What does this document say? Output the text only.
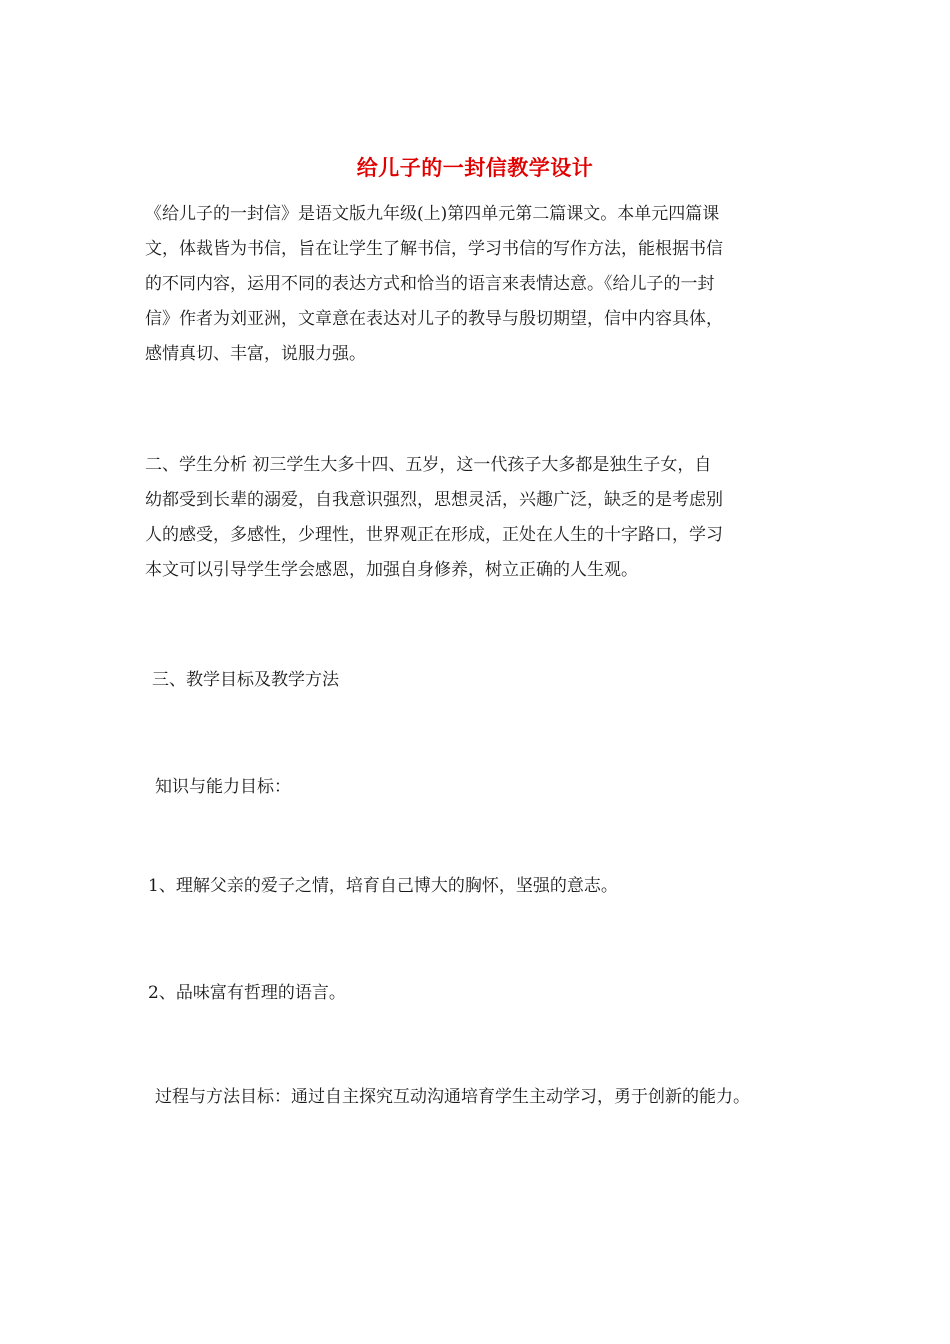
给儿子的一封信教学设计
《给儿子的一封信》是语文版九年级(上)第四单元第二篇课文。本单元四篇课
文，体裁皆为书信，旨在让学生了解书信，学习书信的写作方法，能根据书信
的不同内容，运用不同的表达方式和恰当的语言来表情达意。《给儿子的一封
信》作者为刘亚洲，文章意在表达对儿子的教导与殷切期望，信中内容具体，
感情真切、丰富，说服力强。
二、学生分析 初三学生大多十四、五岁，这一代孩子大多都是独生子女，自
幼都受到长辈的溺爱，自我意识强烈，思想灵活，兴趣广泛，缺乏的是考虑别
人的感受，多感性，少理性，世界观正在形成，正处在人生的十字路口，学习
本文可以引导学生学会感恩，加强自身修养，树立正确的人生观。
三、教学目标及教学方法
知识与能力目标：
1、理解父亲的爱子之情，培育自己博大的胸怀，坚强的意志。
2、品味富有哲理的语言。
过程与方法目标：通过自主探究互动沟通培育学生主动学习，勇于创新的能力。
